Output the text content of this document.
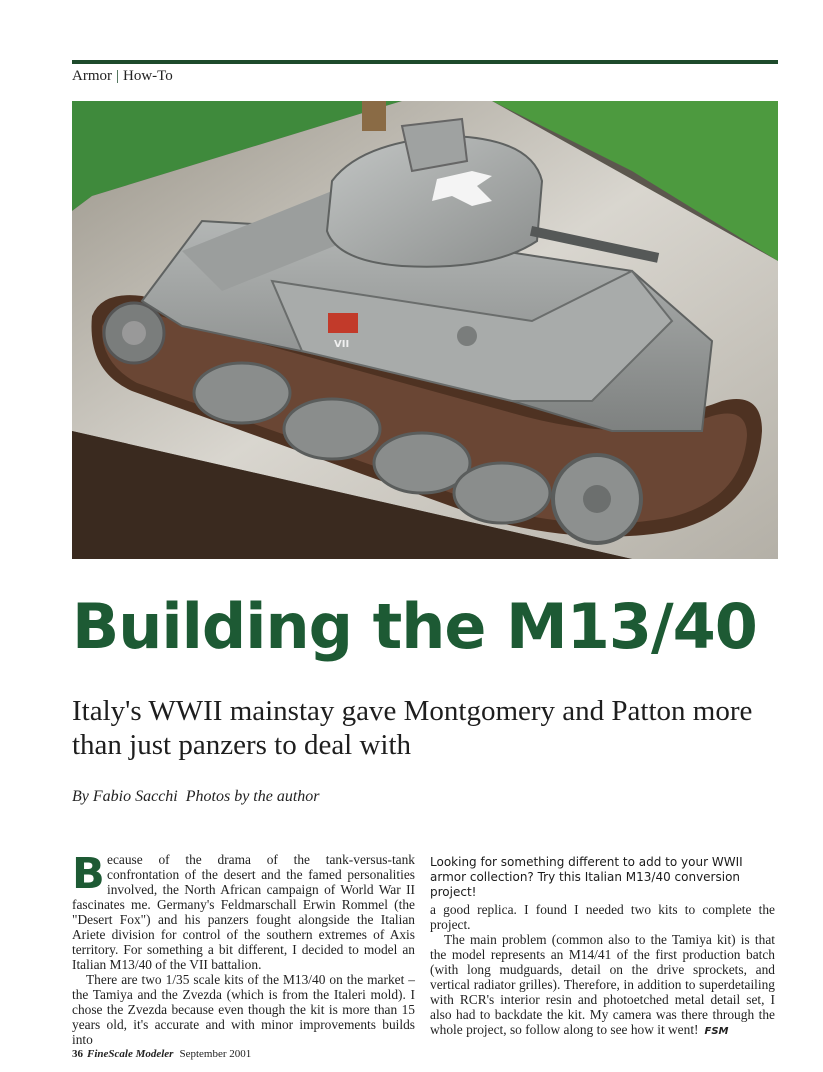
Armor | How-To
VII
Building the M13/40
Italy's WWII mainstay gave Montgomery and Patton more than just panzers to deal with
By Fabio Sacchi Photos by the author
B ecause of the drama of the tank-versus-tank confrontation of the desert and the famed personalities involved, the North African campaign of World War II fascinates me. Germany's Feldmarschall Erwin Rommel (the "Desert Fox") and his panzers fought alongside the Italian Ariete division for control of the southern extremes of Axis territory. For something a bit different, I decided to model an Italian M13/40 of the VII battalion.

There are two 1/35 scale kits of the M13/40 on the market – the Tamiya and the Zvezda (which is from the Italeri mold). I chose the Zvezda because even though the kit is more than 15 years old, it's accurate and with minor improvements builds into

Looking for something different to add to your WWII armor collection? Try this Italian M13/40 conversion project!

a good replica. I found I needed two kits to complete the project.

The main problem (common also to the Tamiya kit) is that the model represents an M14/41 of the first production batch (with long mudguards, detail on the drive sprockets, and vertical radiator grilles). Therefore, in addition to superdetailing with RCR's interior resin and photoetched metal detail set, I also had to backdate the kit. My camera was there through the whole project, so follow along to see how it went! FSM

36 FineScale Modeler September 2001
